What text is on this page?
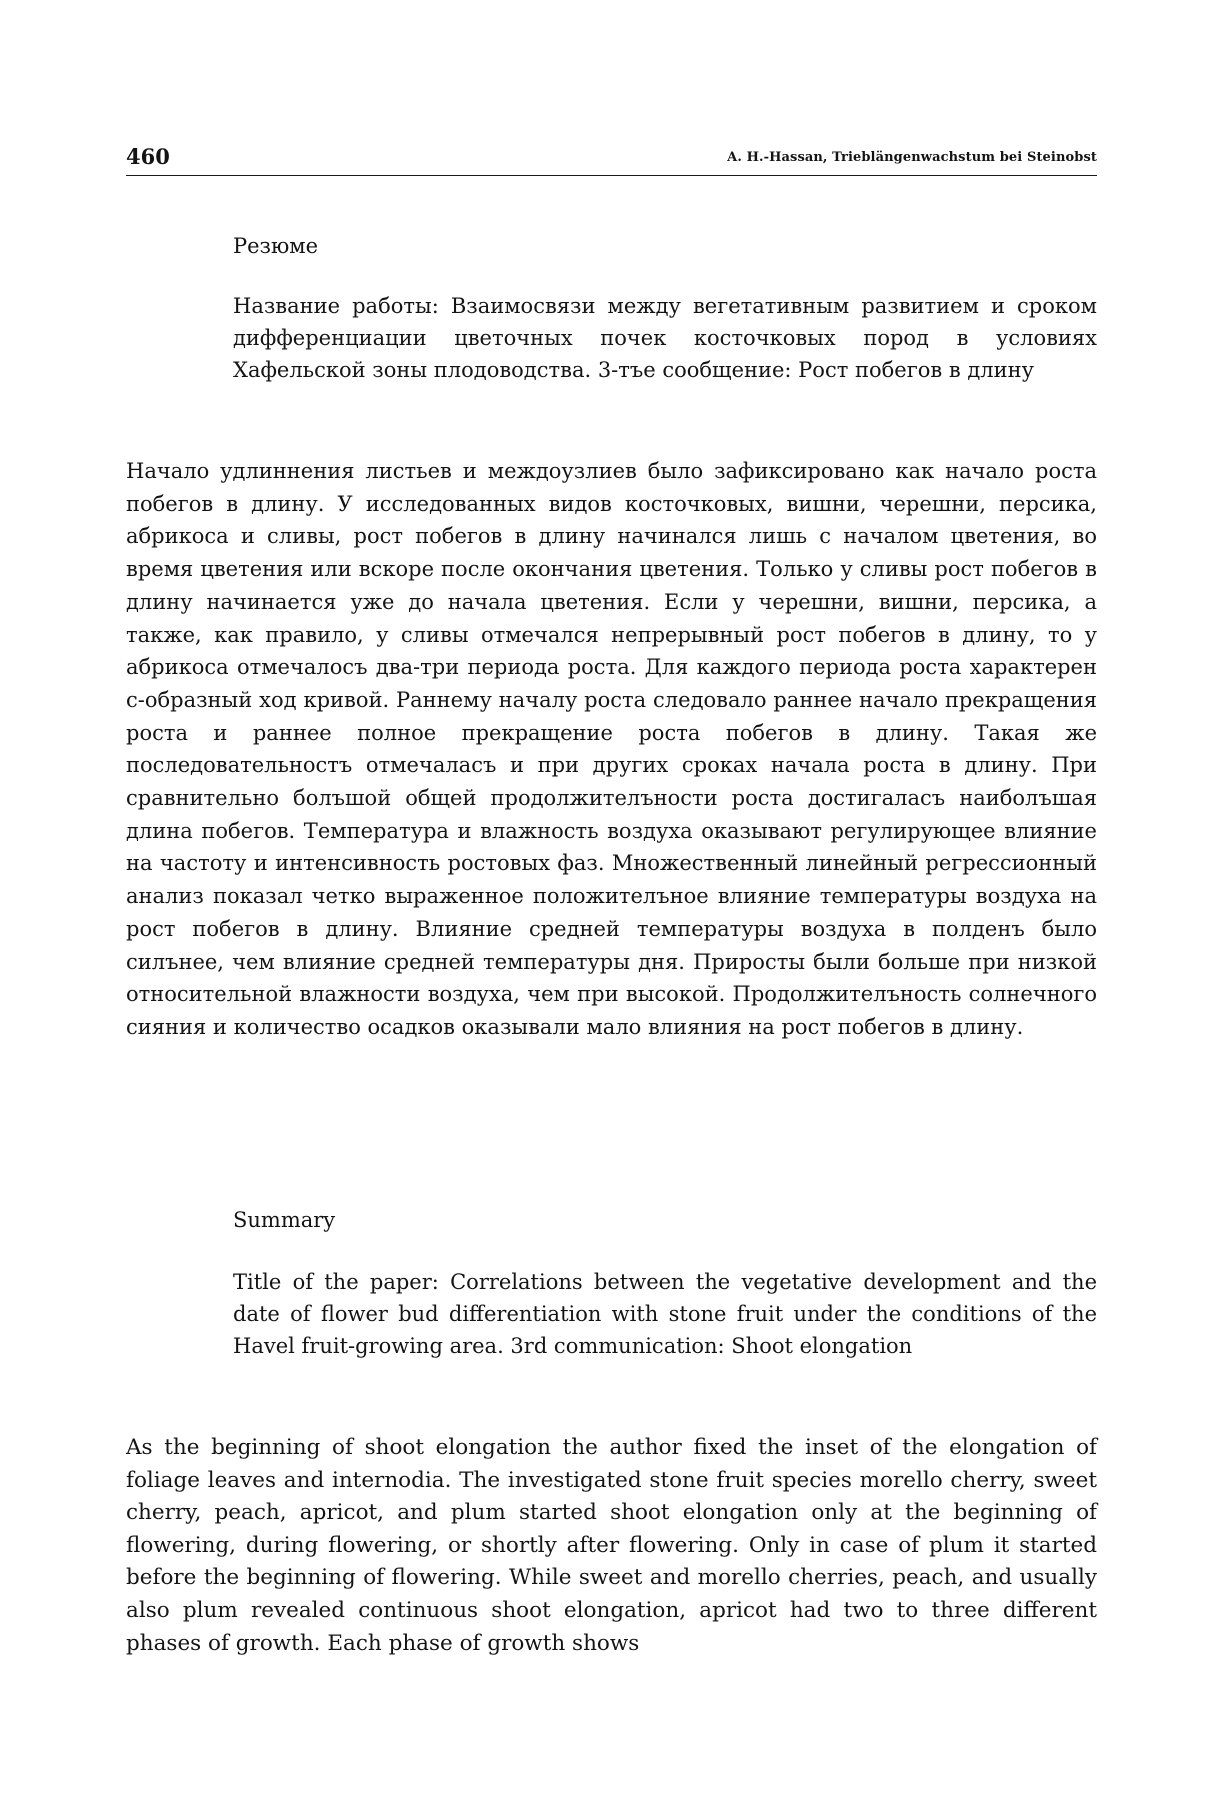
460	A. H.-Hassan, Trieblängenwachstum bei Steinobst
Резюме

Название работы: Взаимосвязи между вегетативным развитием и сроком дифференциации цветочных почек косточковых пород в условиях Хафельской зоны плодоводства. 3-тъе сообщение: Рост побегов в длину

Начало удлиннения листьев и междоузлиев было зафиксировано как начало роста побегов в длину. У исследованных видов косточковых, вишни, черешни, персика, абрикоса и сливы, рост побегов в длину начинался лишь с началом цветения, во время цветения или вскоре после окончания цветения. Только у сливы рост побегов в длину начинается уже до начала цветения. Если у черешни, вишни, персика, а также, как правило, у сливы отмечался непрерывный рост побегов в длину, то у абрикоса отмечалосъ два-три периода роста. Для каждого периода роста характерен с-образный ход кривой. Раннему началу роста следовало раннее начало прекращения роста и раннее полное прекращение роста побегов в длину. Такая же последовательностъ отмечаласъ и при других сроках начала роста в длину. При сравнительно болъшой общей продолжителъности роста достигаласъ наиболъшая длина побегов. Температура и влажность воздуха оказывают регулирующее влияние на частоту и интенсивность ростовых фаз. Множественный линейный регрессионный анализ показал четко выраженное положителъное влияние температуры воздуха на рост побегов в длину. Влияние средней температуры воздуха в полденъ было силънее, чем влияние средней температуры дня. Приросты были больше при низкой относительной влажности воздуха, чем при высокой. Продолжителъность солнечного сияния и количество осадков оказывали мало влияния на рост побегов в длину.

Summary

Title of the paper: Correlations between the vegetative development and the date of flower bud differentiation with stone fruit under the conditions of the Havel fruit-growing area. 3rd communication: Shoot elongation

As the beginning of shoot elongation the author fixed the inset of the elongation of foliage leaves and internodia. The investigated stone fruit species morello cherry, sweet cherry, peach, apricot, and plum started shoot elongation only at the beginning of flowering, during flowering, or shortly after flowering. Only in case of plum it started before the beginning of flowering. While sweet and morello cherries, peach, and usually also plum revealed continuous shoot elongation, apricot had two to three different phases of growth. Each phase of growth shows
